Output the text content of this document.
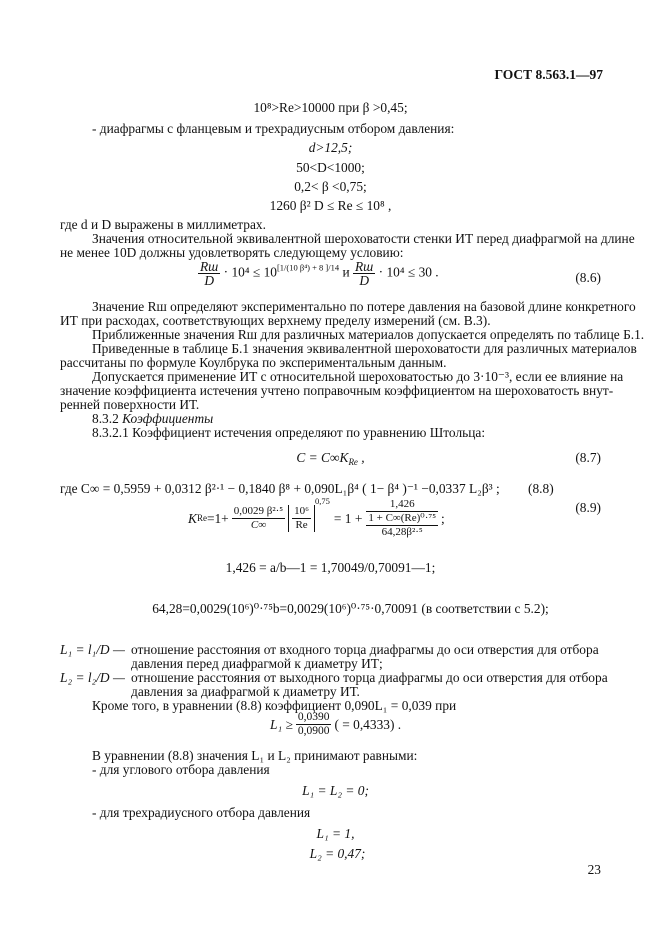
ГОСТ 8.563.1—97
10⁸>Re>10000 при β >0,45;
- диафрагмы с фланцевым и трехрадиусным отбором давления:
d>12,5;
50<D<1000;
0,2< β <0,75;
1260 β² D ≤ Re ≤ 10⁸ ,
где d и D выражены в миллиметрах.
Значения относительной эквивалентной шероховатости стенки ИТ перед диафрагмой на длине
не менее 10D должны удовлетворять следующему условию:
$\frac{Rш}{D} \cdot 10^4 \le 10^{[1/(10 \beta^4) + 8 ]/14}$ и $\frac{Rш}{D} \cdot 10^4 \le 30$ .	(8.6)
Значение Rш определяют экспериментально по потере давления на базовой длине конкретного
ИТ при расходах, соответствующих верхнему пределу измерений (см. В.3).
Приближенные значения Rш для различных материалов допускается определять по таблице Б.1.
Приведенные в таблице Б.1 значения эквивалентной шероховатости для различных материалов
рассчитаны по формуле Коулбрука по экспериментальным данным.
Допускается применение ИТ с относительной шероховатостью до 3·10⁻³, если ее влияние на
значение коэффициента истечения учтено поправочным коэффициентом на шероховатость внут-
ренней поверхности ИТ.
8.3.2 Коэффициенты
8.3.2.1 Коэффициент истечения определяют по уравнению Штольца:
$C = C\infty K_{Re}$ ,	(8.7)
где C∞ = 0,5959 + 0,0312 β²·¹ − 0,1840 β⁸ + 0,090L₁β⁴ ( 1− β⁴ )⁻¹ −0,0337 L₂β³ ; (8.8)
K $Re =1+ \frac{\text{0,0029 β²·⁵}}{C\infty} \frac{\text{10⁶}}{Re}$
0,75
= 1 +
1,426
1 + C∞(Re)⁰·⁷⁵
64,28β²·⁵
;
(8.9)
1,426 = a/b—1 = 1,70049/0,70091—1;
64,28=0,0029(10⁶)⁰·⁷⁵b=0,0029(10⁶)⁰·⁷⁵·0,70091 (в соответствии с 5.2);
L₁ = l₁/D — отношение расстояния от входного торца диафрагмы до оси отверстия для отбора
давления перед диафрагмой к диаметру ИТ;
L₂ = l₂/D — отношение расстояния от выходного торца диафрагмы до оси отверстия для отбора
давления за диафрагмой к диаметру ИТ.
Кроме того, в уравнении (8.8) коэффициент 0,090L₁ = 0,039 при
$L_1 \ge \frac{0,0390}{0,0900}$ ( = 0,4333) .
В уравнении (8.8) значения L₁ и L₂ принимают равными:
- для углового отбора давления
L₁ = L₂ = 0;
- для трехрадиусного отбора давления
L₁ = 1,
L₂ = 0,47;
23
